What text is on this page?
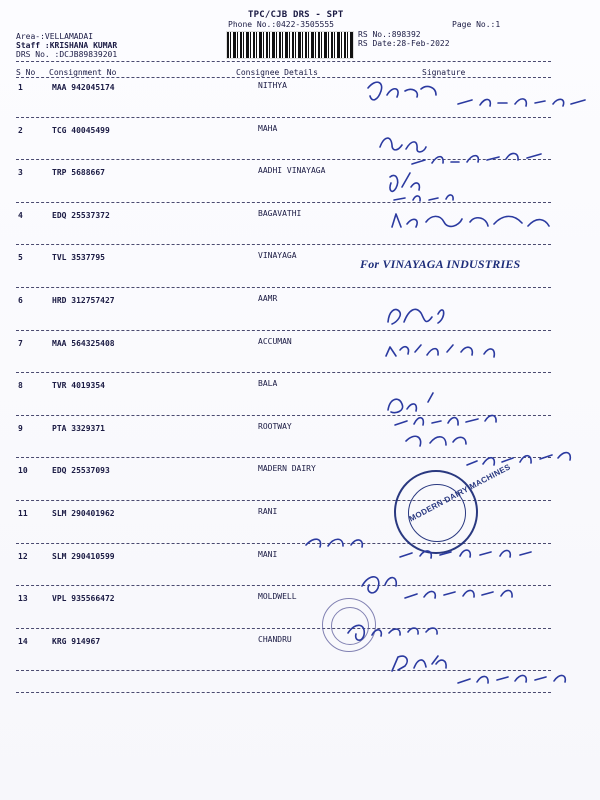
TPC/CJB DRS - SPT
Phone No.:0422-3505555	Page No.:1
RS No.:898392
RS Date:28-Feb-2022
Area-:VELLAMADAI
Staff :KRISHANA KUMAR
DRS No. :DCJB89839201
S No Consignment No	Consignee Details	Signature
1	MAA 942045174	NITHYA
2	TCG 40045499	MAHA
3	TRP 5688667	AADHI VINAYAGA
4	EDQ 25537372	BAGAVATHI
5	TVL 3537795	VINAYAGA
6	HRD 312757427	AAMR
7	MAA 564325408	ACCUMAN
8	TVR 4019354	BALA
9	PTA 3329371	ROOTWAY
10	EDQ 25537093	MADERN DAIRY
11	SLM 290401962	RANI
12	SLM 290410599	MANI
13	VPL 935566472	MOLDWELL
14	KRG 914967	CHANDRU
For VINAYAGA INDUSTRIES
MODERN DAIRY MACHINES
